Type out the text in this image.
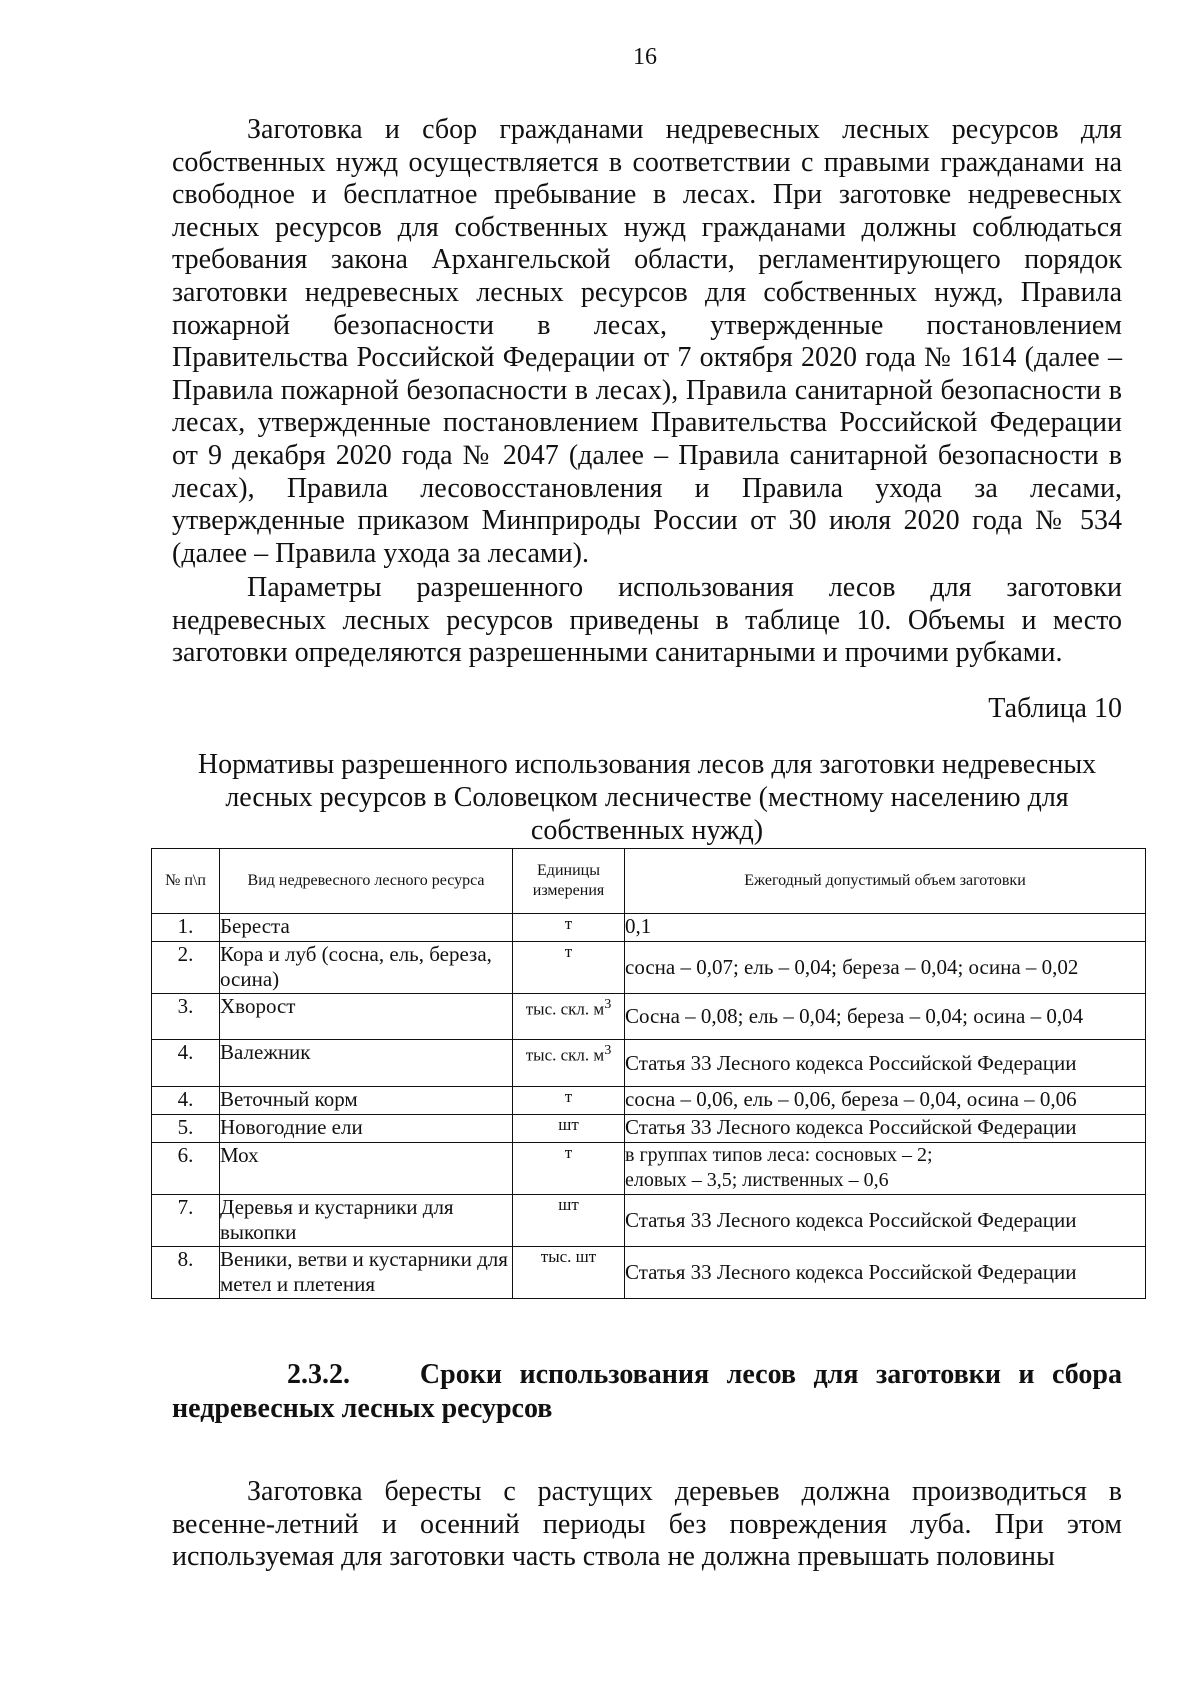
16

Заготовка и сбор гражданами недревесных лесных ресурсов для собственных нужд осуществляется в соответствии с правыми гражданами на свободное и бесплатное пребывание в лесах. При заготовке недревесных лесных ресурсов для собственных нужд гражданами должны соблюдаться требования закона Архангельской области, регламентирующего порядок заготовки недревесных лесных ресурсов для собственных нужд, Правила пожарной безопасности в лесах, утвержденные постановлением Правительства Российской Федерации от 7 октября 2020 года № 1614 (далее – Правила пожарной безопасности в лесах), Правила санитарной безопасности в лесах, утвержденные постановлением Правительства Российской Федерации от 9 декабря 2020 года № 2047 (далее – Правила санитарной безопасности в лесах), Правила лесовосстановления и Правила ухода за лесами, утвержденные приказом Минприроды России от 30 июля 2020 года № 534 (далее – Правила ухода за лесами).

Параметры разрешенного использования лесов для заготовки недревесных лесных ресурсов приведены в таблице 10. Объемы и место заготовки определяются разрешенными санитарными и прочими рубками.

Таблица 10
Нормативы разрешенного использования лесов для заготовки недревесных лесных ресурсов в Соловецком лесничестве (местному населению для собственных нужд)
№ п\п	Вид недревесного лесного ресурса	Единицы измерения	Ежегодный допустимый объем заготовки
1.	Береста	т	0,1
2.	Кора и луб (сосна, ель, береза, осина)	т	сосна – 0,07; ель – 0,04; береза – 0,04; осина – 0,02
3.	Хворост	тыс. скл. $м^3$	Сосна – 0,08; ель – 0,04; береза – 0,04; осина – 0,04
4.	Валежник	тыс. скл. $м^3$	Статья 33 Лесного кодекса Российской Федерации
4.	Веточный корм	т	сосна – 0,06, ель – 0,06, береза – 0,04, осина – 0,06
5.	Новогодние ели	шт	Статья 33 Лесного кодекса Российской Федерации
6.	Мох	т	в группах типов леса: сосновых – 2;
еловых – 3,5; лиственных – 0,6

7.	Деревья и кустарники для выкопки	шт	Статья 33 Лесного кодекса Российской Федерации
8.	Веники, ветви и кустарники для метел и плетения	тыс. шт	Статья 33 Лесного кодекса Российской Федерации

2.3.2. Сроки использования лесов для заготовки и сбора недревесных лесных ресурсов

Заготовка бересты с растущих деревьев должна производиться в весенне-летний и осенний периоды без повреждения луба. При этом используемая для заготовки часть ствола не должна превышать половины
